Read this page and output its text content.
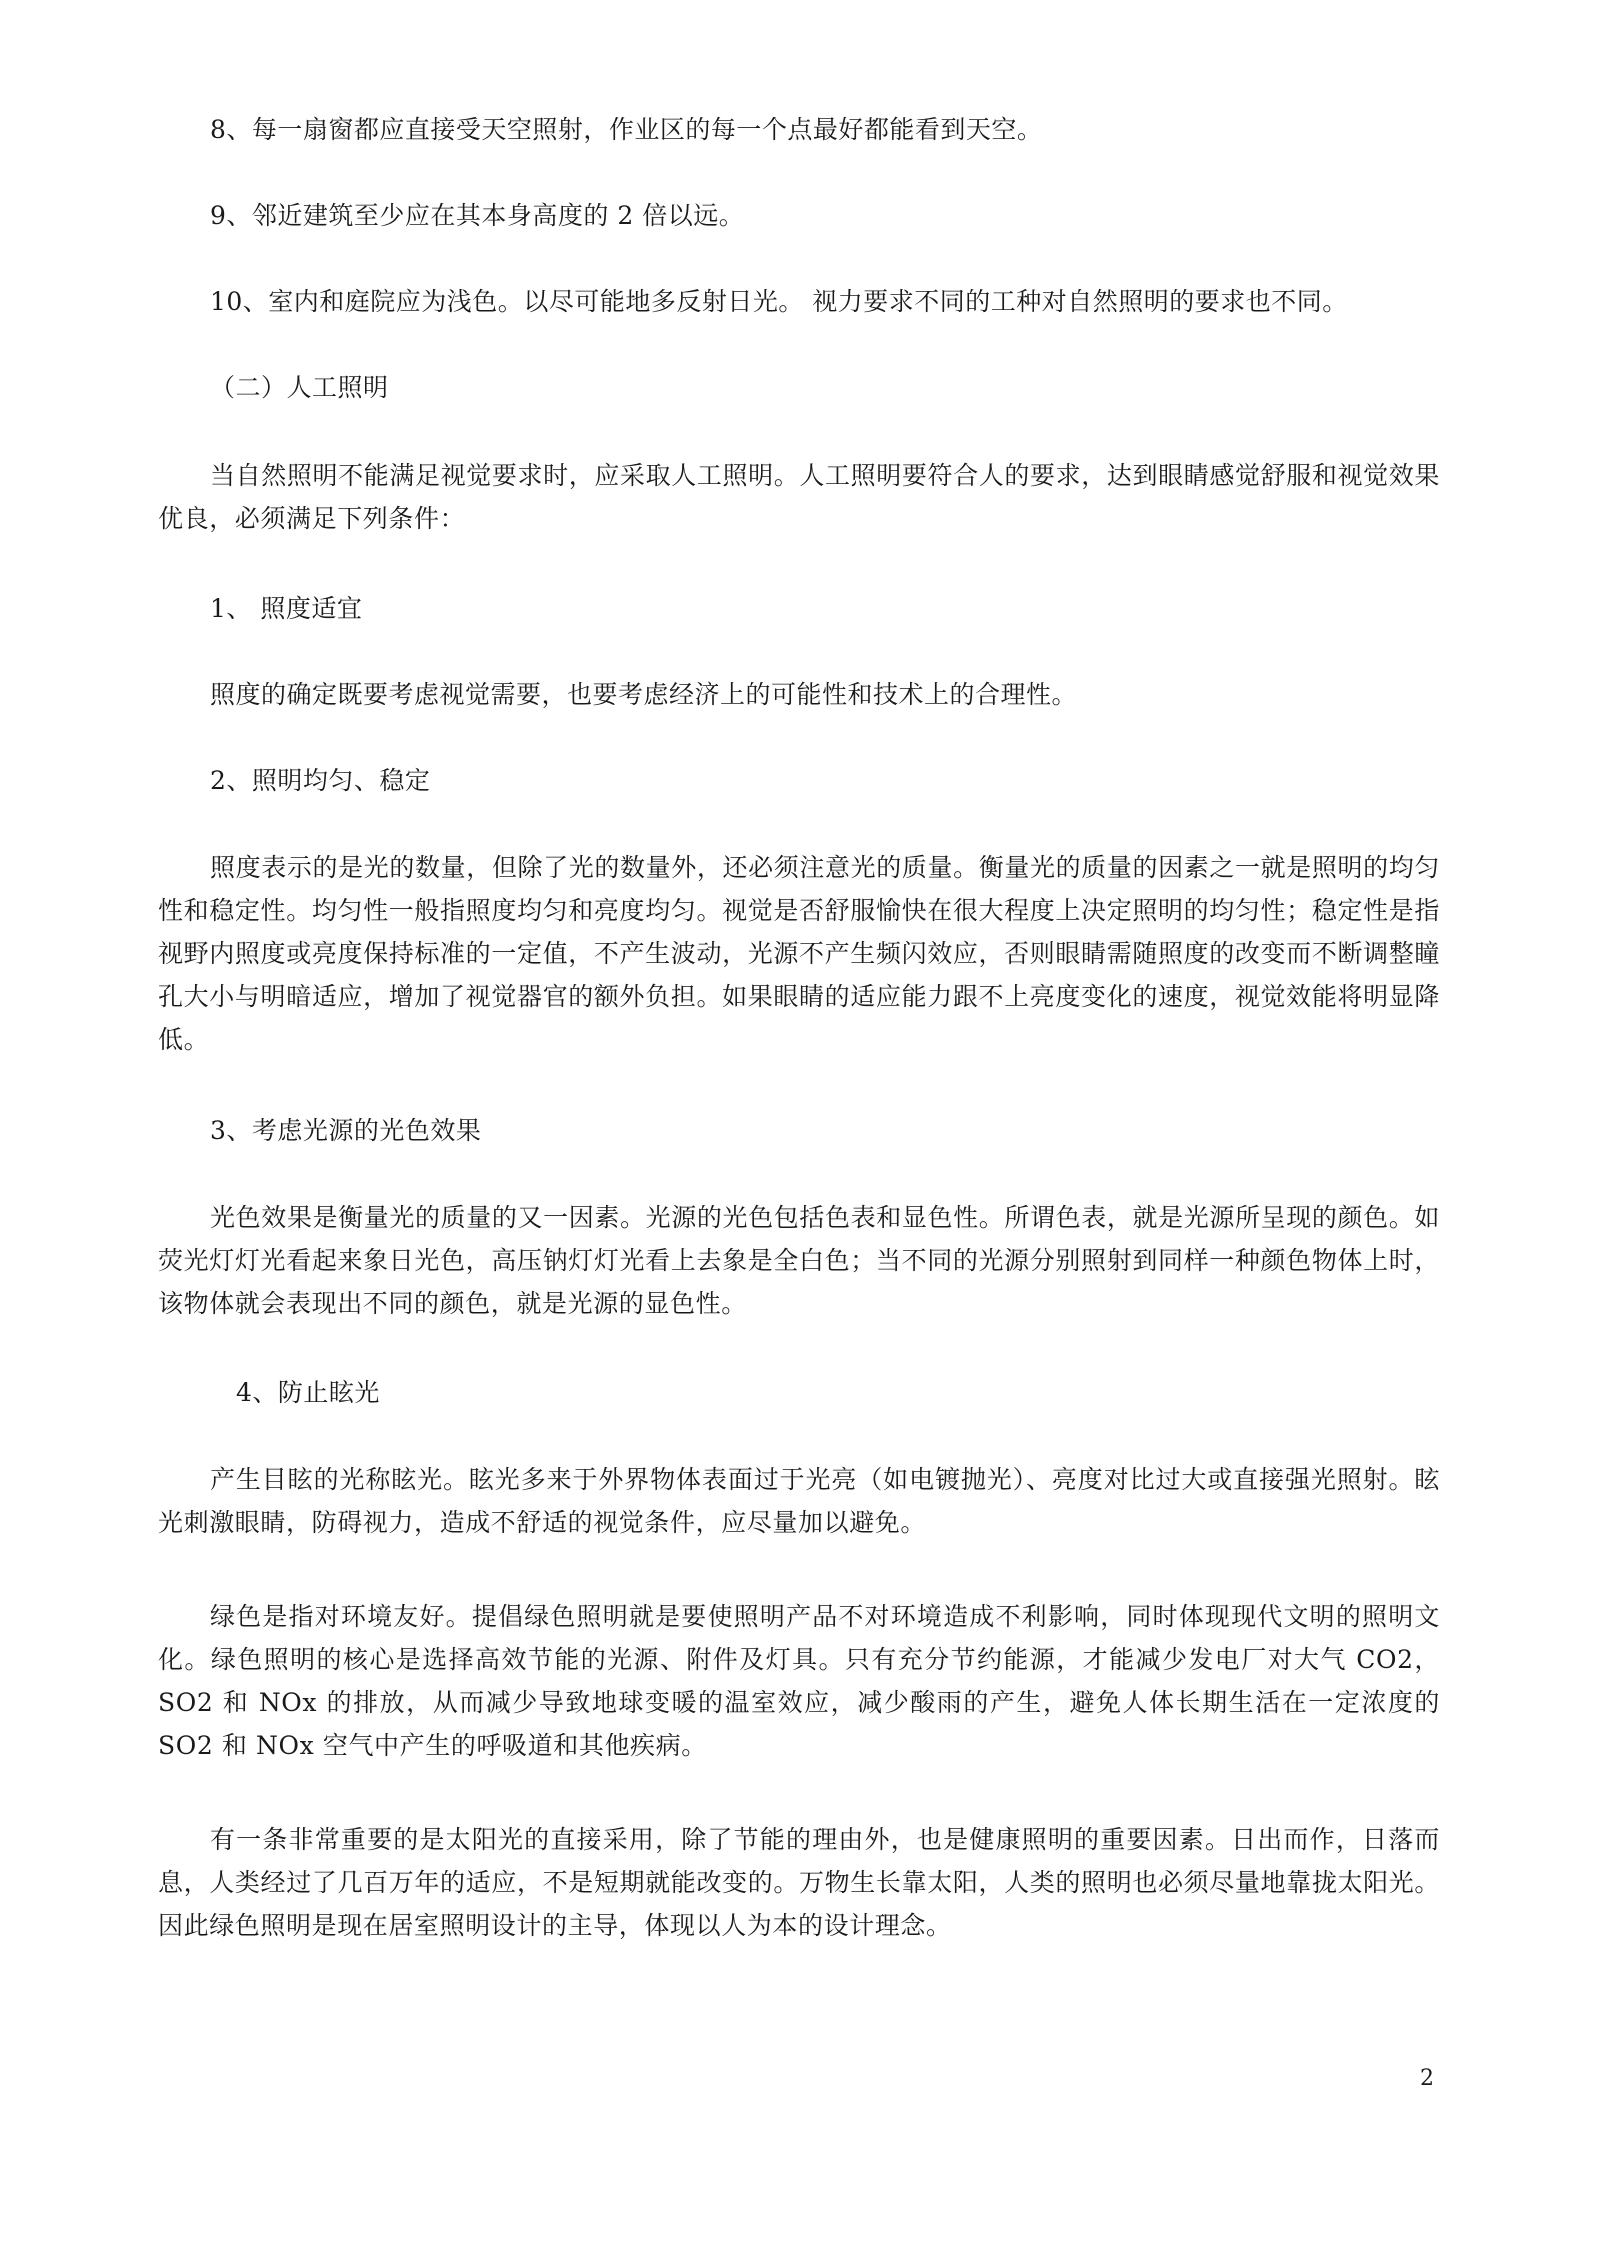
8、每一扇窗都应直接受天空照射，作业区的每一个点最好都能看到天空。
9、邻近建筑至少应在其本身高度的 2 倍以远。
10、室内和庭院应为浅色。以尽可能地多反射日光。 视力要求不同的工种对自然照明的要求也不同。
（二）人工照明
当自然照明不能满足视觉要求时，应采取人工照明。人工照明要符合人的要求，达到眼睛感觉舒服和视觉效果优良，必须满足下列条件：
1、 照度适宜
照度的确定既要考虑视觉需要，也要考虑经济上的可能性和技术上的合理性。
2、照明均匀、稳定
照度表示的是光的数量，但除了光的数量外，还必须注意光的质量。衡量光的质量的因素之一就是照明的均匀性和稳定性。均匀性一般指照度均匀和亮度均匀。视觉是否舒服愉快在很大程度上决定照明的均匀性；稳定性是指视野内照度或亮度保持标准的一定值，不产生波动，光源不产生频闪效应，否则眼睛需随照度的改变而不断调整瞳孔大小与明暗适应，增加了视觉器官的额外负担。如果眼睛的适应能力跟不上亮度变化的速度，视觉效能将明显降低。
3、考虑光源的光色效果
光色效果是衡量光的质量的又一因素。光源的光色包括色表和显色性。所谓色表，就是光源所呈现的颜色。如荧光灯灯光看起来象日光色，高压钠灯灯光看上去象是全白色；当不同的光源分别照射到同样一种颜色物体上时，该物体就会表现出不同的颜色，就是光源的显色性。
4、防止眩光
产生目眩的光称眩光。眩光多来于外界物体表面过于光亮（如电镀抛光）、亮度对比过大或直接强光照射。眩光刺激眼睛，防碍视力，造成不舒适的视觉条件，应尽量加以避免。
绿色是指对环境友好。提倡绿色照明就是要使照明产品不对环境造成不利影响，同时体现现代文明的照明文化。绿色照明的核心是选择高效节能的光源、附件及灯具。只有充分节约能源，才能减少发电厂对大气 CO2，SO2 和 NOx 的排放，从而减少导致地球变暖的温室效应，减少酸雨的产生，避免人体长期生活在一定浓度的 SO2 和 NOx 空气中产生的呼吸道和其他疾病。
有一条非常重要的是太阳光的直接采用，除了节能的理由外，也是健康照明的重要因素。日出而作，日落而息，人类经过了几百万年的适应，不是短期就能改变的。万物生长靠太阳，人类的照明也必须尽量地靠拢太阳光。因此绿色照明是现在居室照明设计的主导，体现以人为本的设计理念。
2
